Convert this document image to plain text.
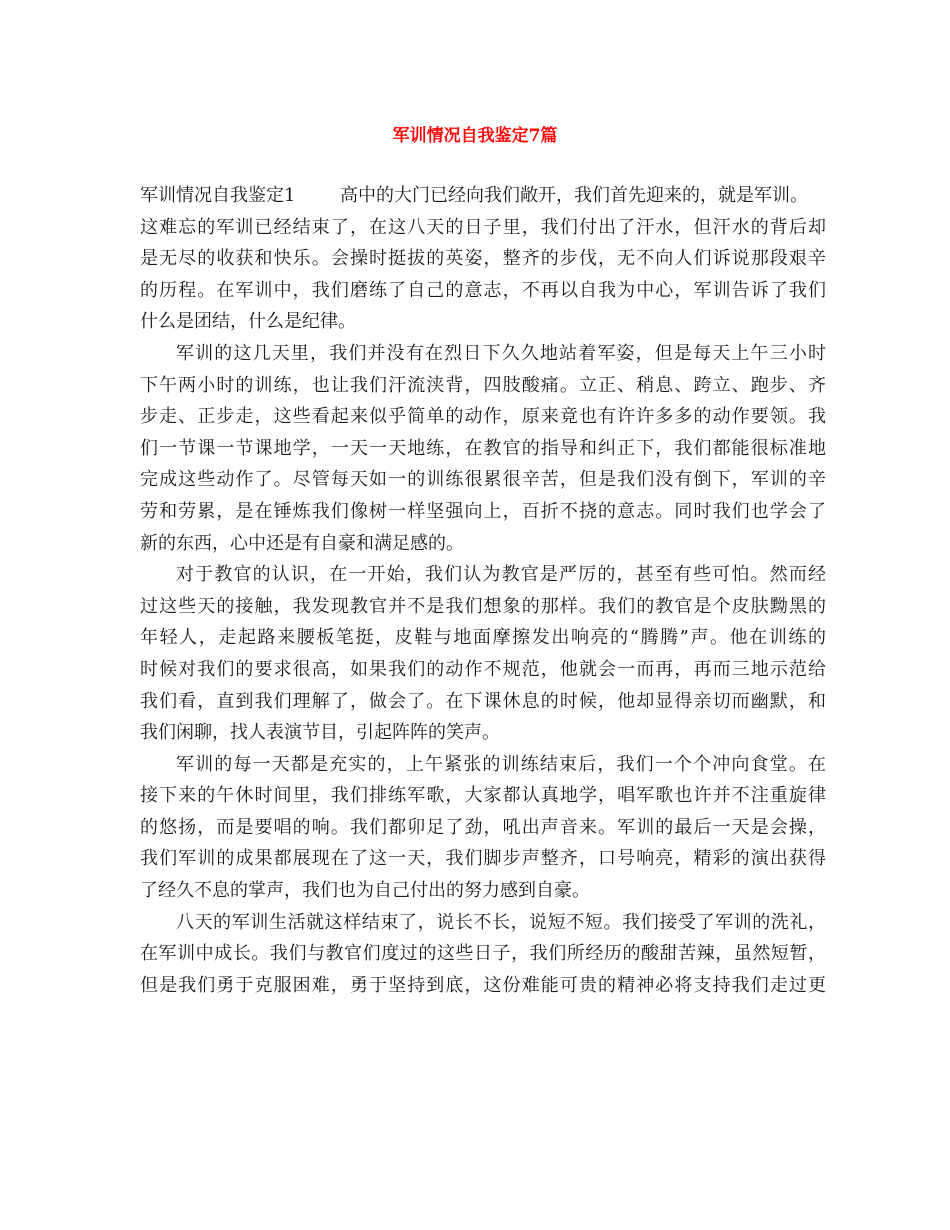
军训情况自我鉴定7篇
军训情况自我鉴定1 高中的大门已经向我们敞开，我们首先迎来的，就是军训。
这难忘的军训已经结束了，在这八天的日子里，我们付出了汗水，但汗水的背后却
是无尽的收获和快乐。会操时挺拔的英姿，整齐的步伐，无不向人们诉说那段艰辛
的历程。在军训中，我们磨练了自己的意志，不再以自我为中心，军训告诉了我们
什么是团结，什么是纪律。
军训的这几天里，我们并没有在烈日下久久地站着军姿，但是每天上午三小时
下午两小时的训练，也让我们汗流浃背，四肢酸痛。立正、稍息、跨立、跑步、齐
步走、正步走，这些看起来似乎简单的动作，原来竟也有许许多多的动作要领。我
们一节课一节课地学，一天一天地练，在教官的指导和纠正下，我们都能很标准地
完成这些动作了。尽管每天如一的训练很累很辛苦，但是我们没有倒下，军训的辛
劳和劳累，是在锤炼我们像树一样坚强向上，百折不挠的意志。同时我们也学会了
新的东西，心中还是有自豪和满足感的。
对于教官的认识，在一开始，我们认为教官是严厉的，甚至有些可怕。然而经
过这些天的接触，我发现教官并不是我们想象的那样。我们的教官是个皮肤黝黑的
年轻人，走起路来腰板笔挺，皮鞋与地面摩擦发出响亮的“腾腾”声。他在训练的
时候对我们的要求很高，如果我们的动作不规范，他就会一而再，再而三地示范给
我们看，直到我们理解了，做会了。在下课休息的时候，他却显得亲切而幽默，和
我们闲聊，找人表演节目，引起阵阵的笑声。
军训的每一天都是充实的，上午紧张的训练结束后，我们一个个冲向食堂。在
接下来的午休时间里，我们排练军歌，大家都认真地学，唱军歌也许并不注重旋律
的悠扬，而是要唱的响。我们都卯足了劲，吼出声音来。军训的最后一天是会操，
我们军训的成果都展现在了这一天，我们脚步声整齐，口号响亮，精彩的演出获得
了经久不息的掌声，我们也为自己付出的努力感到自豪。
八天的军训生活就这样结束了，说长不长，说短不短。我们接受了军训的洗礼，
在军训中成长。我们与教官们度过的这些日子，我们所经历的酸甜苦辣，虽然短暂，
但是我们勇于克服困难，勇于坚持到底，这份难能可贵的精神必将支持我们走过更
